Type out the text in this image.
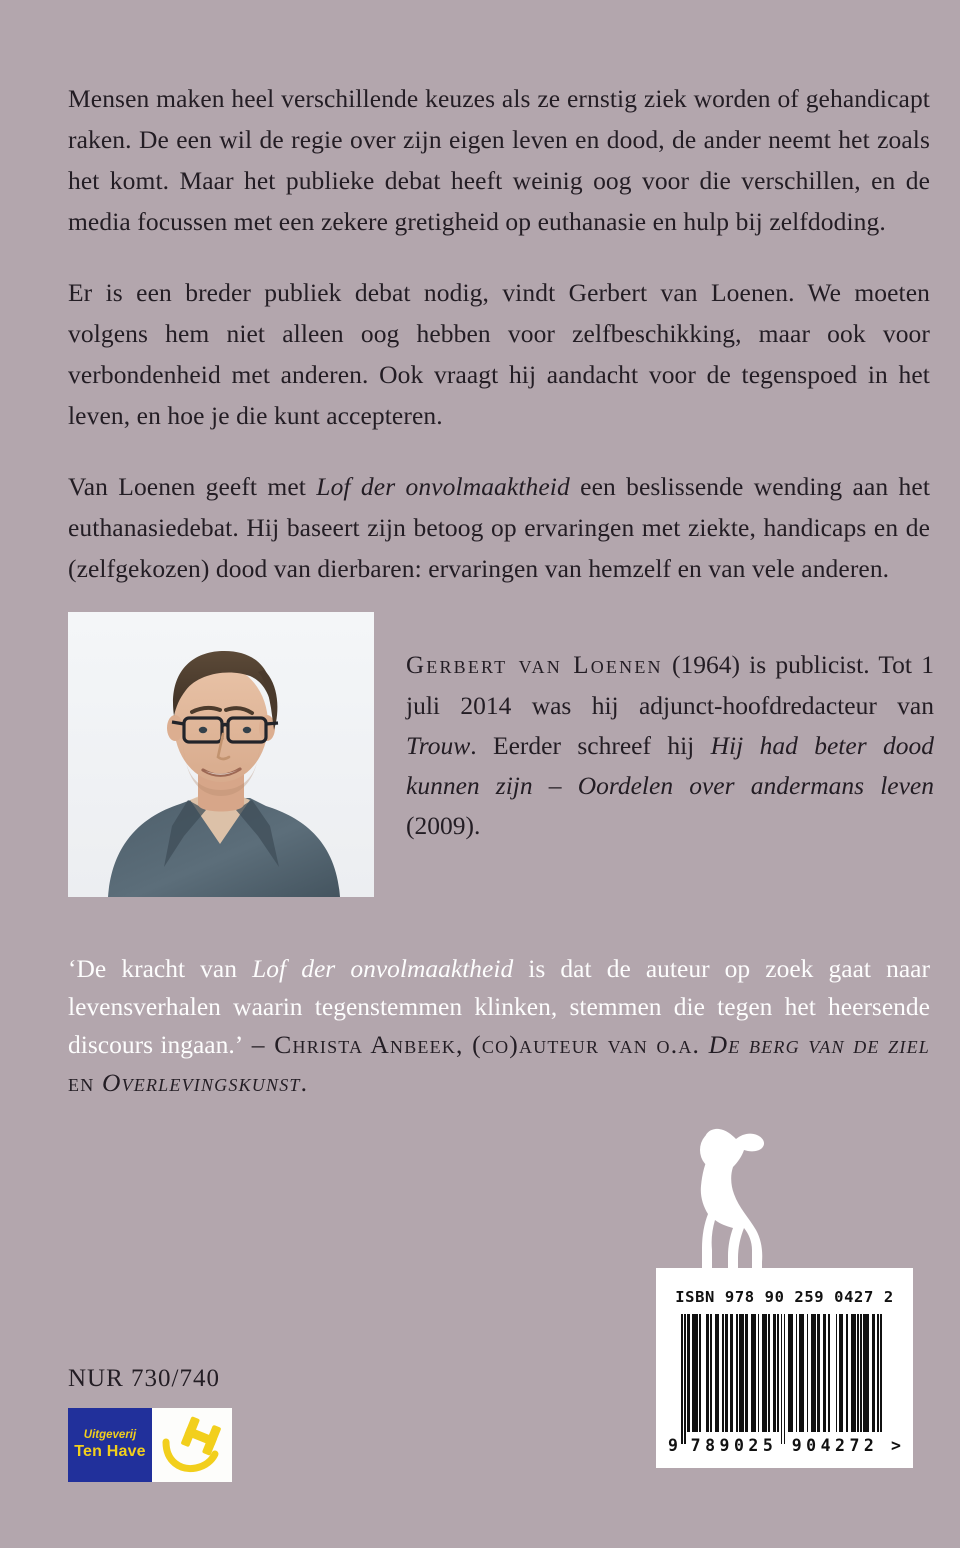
Mensen maken heel verschillende keuzes als ze ernstig ziek worden of gehandicapt raken. De een wil de regie over zijn eigen leven en dood, de ander neemt het zoals het komt. Maar het publieke debat heeft weinig oog voor die verschillen, en de media focussen met een zekere gretigheid op euthanasie en hulp bij zelfdoding.

Er is een breder publiek debat nodig, vindt Gerbert van Loenen. We moeten volgens hem niet alleen oog hebben voor zelfbeschikking, maar ook voor verbondenheid met anderen. Ook vraagt hij aandacht voor de tegenspoed in het leven, en hoe je die kunt accepteren.

Van Loenen geeft met Lof der onvolmaaktheid een beslissende wending aan het euthanasiedebat. Hij baseert zijn betoog op ervaringen met ziekte, handicaps en de (zelfgekozen) dood van dierbaren: ervaringen van hemzelf en van vele anderen.

Gerbert van Loenen (1964) is publicist. Tot 1 juli 2014 was hij adjunct-hoofdredacteur van Trouw. Eerder schreef hij Hij had beter dood kunnen zijn – Oordelen over andermans leven (2009).
‘De kracht van Lof der onvolmaaktheid is dat de auteur op zoek gaat naar levensverhalen waarin tegenstemmen klinken, stemmen die tegen het heersende discours ingaan.’ – Christa Anbeek, (co)auteur van o.a. De berg van de ziel en Overlevingskunst.
ISBN 978 90 259 0427 2
9 789025 904272 >
NUR 730/740
Uitgeverij
Ten Have
